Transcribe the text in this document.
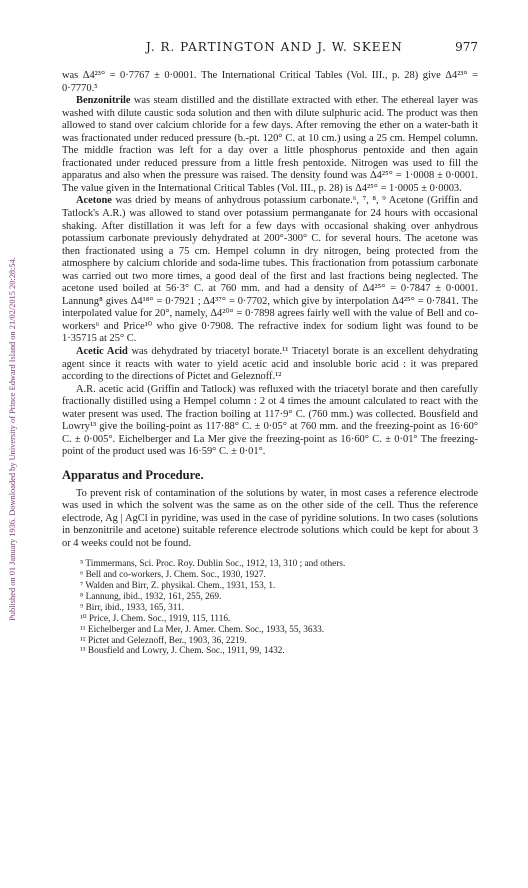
Published on 01 January 1936. Downloaded by University of Prince Edward Island on 21/02/2015 20:28:54.
J. R. PARTINGTON AND J. W. SKEEN	977

was Δ4²³° = 0·7767 ± 0·0001. The International Critical Tables (Vol. III., p. 28) give Δ4²³° = 0·7770.⁵

Benzonitrile was steam distilled and the distillate extracted with ether. The ethereal layer was washed with dilute caustic soda solution and then with dilute sulphuric acid. The product was then allowed to stand over calcium chloride for a few days. After removing the ether on a water-bath it was fractionated under reduced pressure (b.-pt. 120° C. at 10 cm.) using a 25 cm. Hempel column. The middle fraction was left for a day over a little phosphorus pentoxide and then again fractionated under reduced pressure from a little fresh pentoxide. Nitrogen was used to fill the apparatus and also when the pressure was raised. The density found was Δ4²⁵° = 1·0008 ± 0·0001. The value given in the International Critical Tables (Vol. III., p. 28) is Δ4²⁵° = 1·0005 ± 0·0003.

Acetone was dried by means of anhydrous potassium carbonate.⁶, ⁷, ⁸, ⁹ Acetone (Griffin and Tatlock's A.R.) was allowed to stand over potassium permanganate for 24 hours with occasional shaking. After distillation it was left for a few days with occasional shaking over anhydrous potassium carbonate previously dehydrated at 200°-300° C. for several hours. The acetone was then fractionated using a 75 cm. Hempel column in dry nitrogen, being protected from the atmosphere by calcium chloride and soda-lime tubes. This fractionation from potassium carbonate was carried out two more times, a good deal of the first and last fractions being neglected. The acetone used boiled at 56·3° C. at 760 mm. and had a density of Δ4²⁵° = 0·7847 ± 0·0001. Lannung⁸ gives Δ4¹⁸° = 0·7921 ; Δ4³⁷° = 0·7702, which give by interpolation Δ4²⁵° = 0·7841. The interpolated value for 20°, namely, Δ4²⁰° = 0·7898 agrees fairly well with the value of Bell and co-workers⁶ and Price¹⁰ who give 0·7908. The refractive index for sodium light was found to be 1·35715 at 25° C.

Acetic Acid was dehydrated by triacetyl borate.¹¹ Triacetyl borate is an excellent dehydrating agent since it reacts with water to yield acetic acid and insoluble boric acid : it was prepared according to the directions of Pictet and Geleznoff.¹²

A.R. acetic acid (Griffin and Tatlock) was refluxed with the triacetyl borate and then carefully fractionally distilled using a Hempel column : 2 ot 4 times the amount calculated to react with the water present was used. The fraction boiling at 117·9° C. (760 mm.) was collected. Bousfield and Lowry¹³ give the boiling-point as 117·88° C. ± 0·05° at 760 mm. and the freezing-point as 16·60° C. ± 0·005°. Eichelberger and La Mer give the freezing-point as 16·60° C. ± 0·01° The freezing-point of the product used was 16·59° C. ± 0·01°.

Apparatus and Procedure.

To prevent risk of contamination of the solutions by water, in most cases a reference electrode was used in which the solvent was the same as on the other side of the cell. Thus the reference electrode, Ag | AgCl in pyridine, was used in the case of pyridine solutions. In two cases (solutions in benzonitrile and acetone) suitable reference electrode solutions which could be kept for about 3 or 4 weeks could not be found.

⁵ Timmermans, Sci. Proc. Roy. Dublin Soc., 1912, 13, 310 ; and others.
⁶ Bell and co-workers, J. Chem. Soc., 1930, 1927.
⁷ Walden and Birr, Z. physikal. Chem., 1931, 153, 1.
⁸ Lannung, ibid., 1932, 161, 255, 269.
⁹ Birr, ibid., 1933, 165, 311.
¹⁰ Price, J. Chem. Soc., 1919, 115, 1116.
¹¹ Eichelberger and La Mer, J. Amer. Chem. Soc., 1933, 55, 3633.
¹² Pictet and Geleznoff, Ber., 1903, 36, 2219.
¹³ Bousfield and Lowry, J. Chem. Soc., 1911, 99, 1432.
